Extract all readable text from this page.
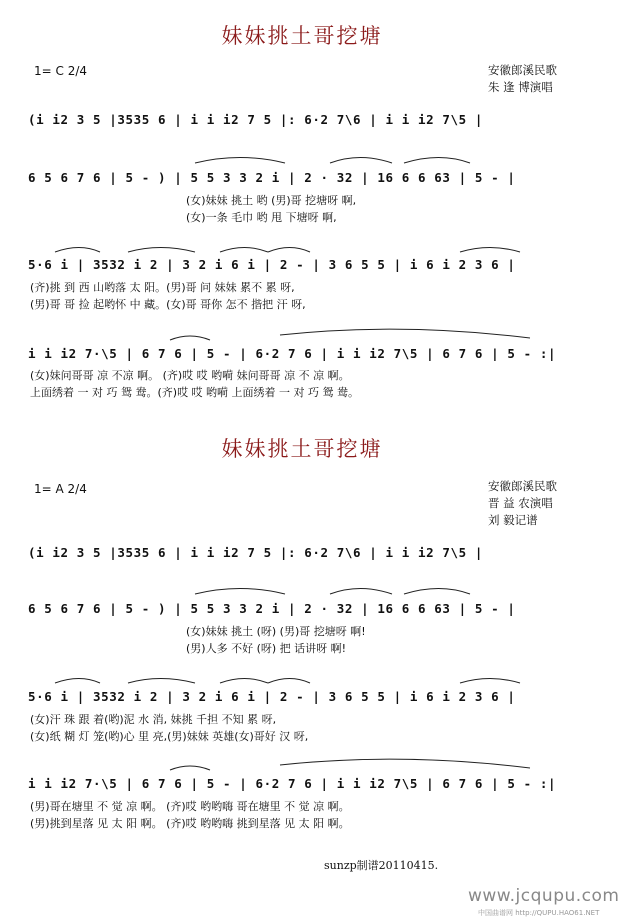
妹妹挑土哥挖塘
1= C 2/4	安徽郎溪民歌
朱 逢 博演唱
(i i2 3 5 |3535 6 | i i i2 7 5 |: 6·2 7\6 | i i i2 7\5 |
6 5 6 7 6 | 5 - ) | 5 5 3 3 2 i | 2 · 32 | 16 6 6 63 | 5 - |
(女)妹妹 挑土 哟 (男)哥 挖塘呀 啊,
(女)一条 毛巾 哟 甩 下塘呀 啊,
5·6 i | 3532 i 2 | 3 2 i 6 i | 2 - | 3 6 5 5 | i 6 i 2 3 6 |
(齐)挑 到 西 山哟落 太 阳。(男)哥 问 妹妹 累不 累 呀,
(男)哥 哥 捡 起哟怀 中 藏。(女)哥 哥你 怎不 揩把 汗 呀,
i i i2 7·\5 | 6 7 6 | 5 - | 6·2 7 6 | i i i2 7\5 | 6 7 6 | 5 - :|
(女)妹问哥哥 凉 不凉 啊。 (齐)哎 哎 哟嗬 妹问哥哥 凉 不 凉 啊。
上面绣着 一 对 巧 鸳 鸯。(齐)哎 哎 哟嗬 上面绣着 一 对 巧 鸳 鸯。
妹妹挑土哥挖塘
1= A 2/4	安徽郎溪民歌
晋 益 农演唱
刘 毅记谱
(i i2 3 5 |3535 6 | i i i2 7 5 |: 6·2 7\6 | i i i2 7\5 |
6 5 6 7 6 | 5 - ) | 5 5 3 3 2 i | 2 · 32 | 16 6 6 63 | 5 - |
(女)妹妹 挑土 (呀) (男)哥 挖塘呀 啊!
(男)人多 不好 (呀) 把 话讲呀 啊!
5·6 i | 3532 i 2 | 3 2 i 6 i | 2 - | 3 6 5 5 | i 6 i 2 3 6 |
(女)汗 珠 跟 着(哟)泥 水 消, 妹挑 千担 不知 累 呀,
(女)纸 糊 灯 笼(哟)心 里 亮,(男)妹妹 英雄(女)哥好 汉 呀,
i i i2 7·\5 | 6 7 6 | 5 - | 6·2 7 6 | i i i2 7\5 | 6 7 6 | 5 - :|
(男)哥在塘里 不 觉 凉 啊。 (齐)哎 哟哟嗨 哥在塘里 不 觉 凉 啊。
(男)挑到星落 见 太 阳 啊。 (齐)哎 哟哟嗨 挑到星落 见 太 阳 啊。
sunzp制谱20110415.
www.jcqupu.com
中国曲谱网 http://QUPU.HAO61.NET
